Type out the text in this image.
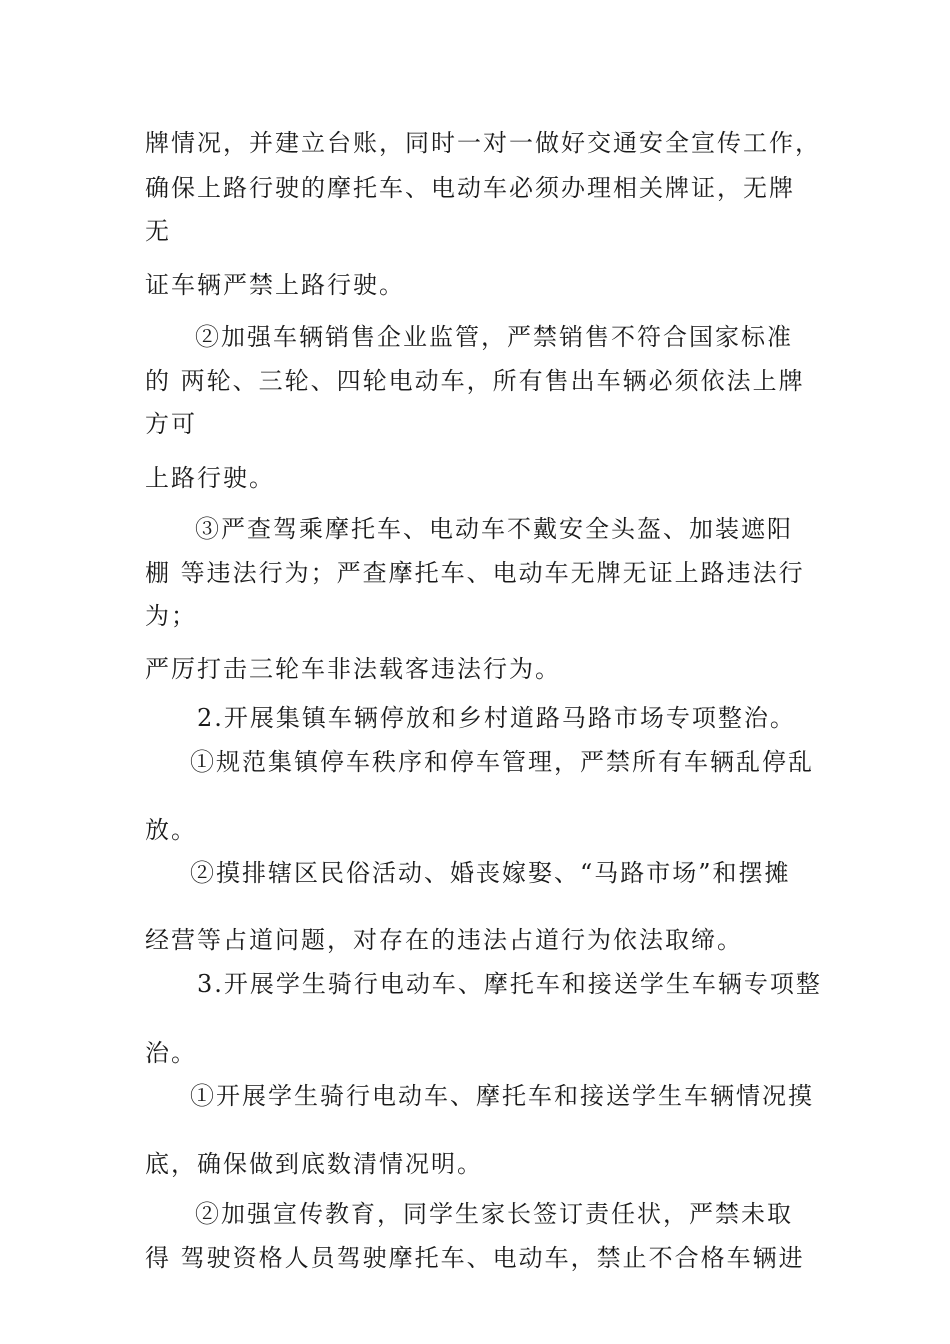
牌情况，并建立台账，同时一对一做好交通安全宣传工作，
确保上路行驶的摩托车、电动车必须办理相关牌证，无牌
无
证车辆严禁上路行驶。
②加强车辆销售企业监管，严禁销售不符合国家标准
的 两轮、三轮、四轮电动车，所有售出车辆必须依法上牌
方可
上路行驶。
③严查驾乘摩托车、电动车不戴安全头盔、加装遮阳
棚 等违法行为；严查摩托车、电动车无牌无证上路违法行
为；
严厉打击三轮车非法载客违法行为。
2.开展集镇车辆停放和乡村道路马路市场专项整治。
①规范集镇停车秩序和停车管理，严禁所有车辆乱停乱
放。
②摸排辖区民俗活动、婚丧嫁娶、“马路市场”和摆摊
经营等占道问题，对存在的违法占道行为依法取缔。
3.开展学生骑行电动车、摩托车和接送学生车辆专项整
治。
①开展学生骑行电动车、摩托车和接送学生车辆情况摸
底，确保做到底数清情况明。
②加强宣传教育，同学生家长签订责任状，严禁未取
得 驾驶资格人员驾驶摩托车、电动车，禁止不合格车辆进
